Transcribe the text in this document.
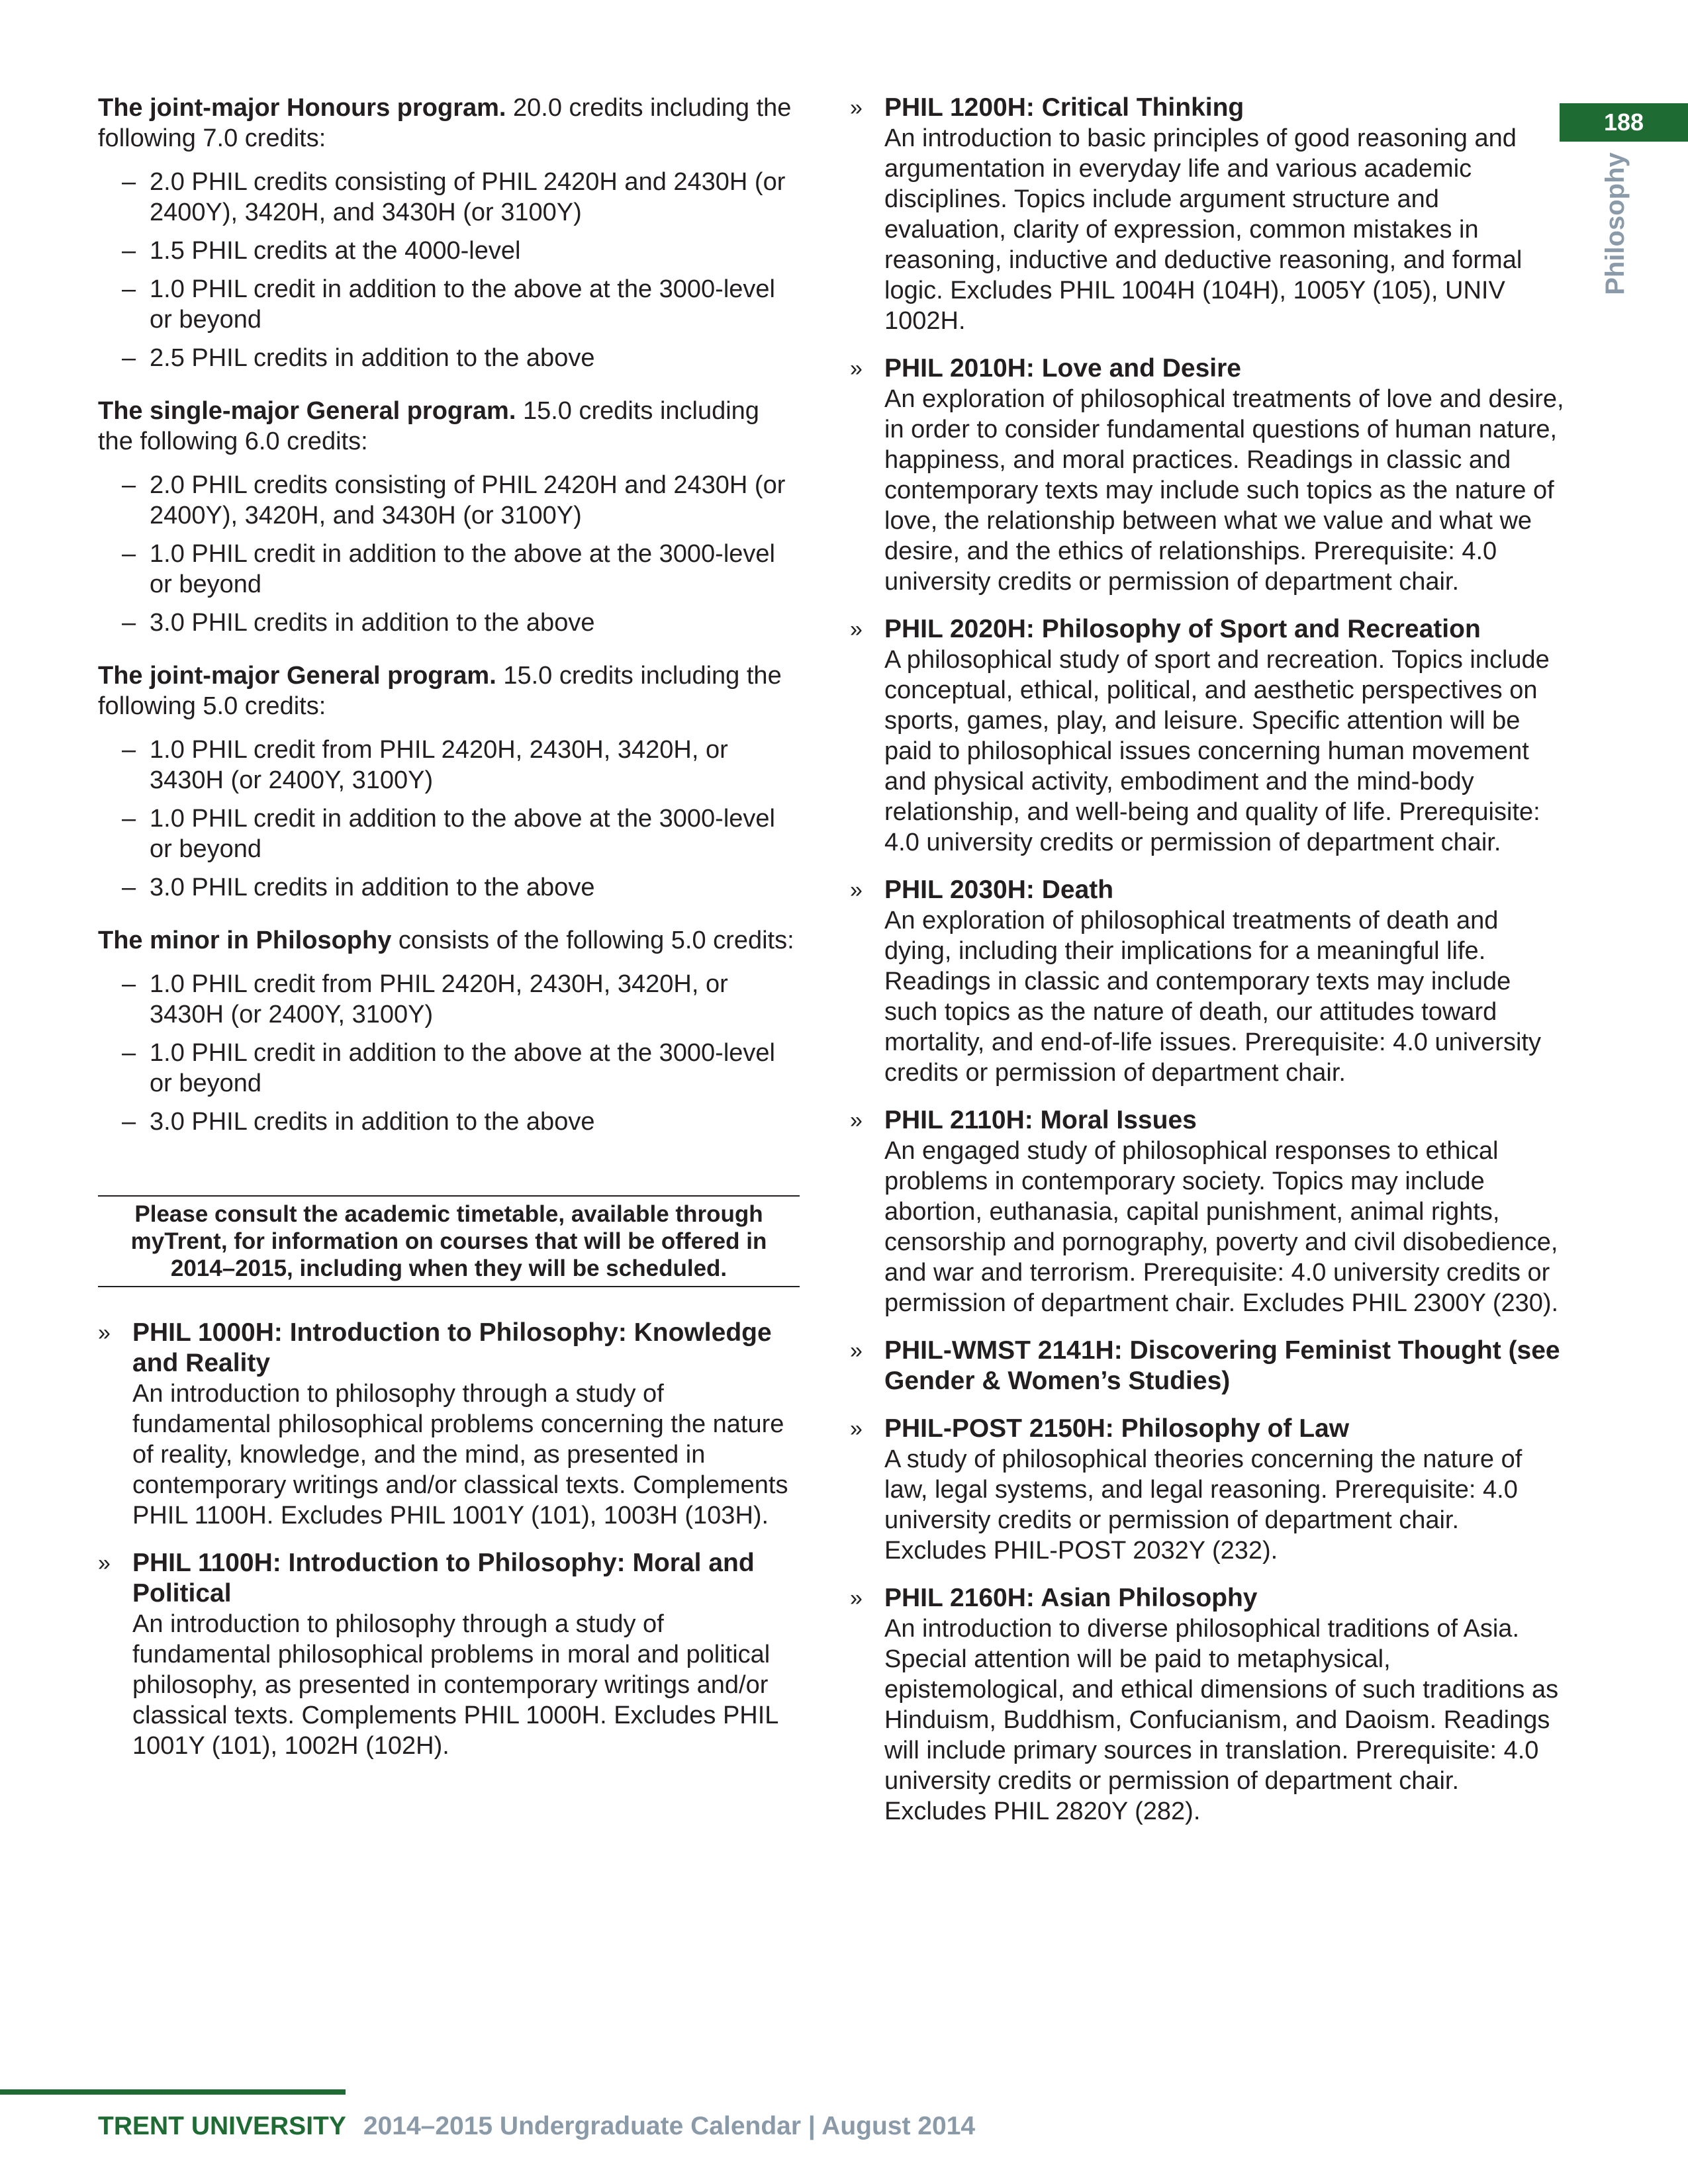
188
Philosophy

The joint-major Honours program. 20.0 credits including the following 7.0 credits:

– 2.0 PHIL credits consisting of PHIL 2420H and 2430H (or 2400Y), 3420H, and 3430H (or 3100Y)
– 1.5 PHIL credits at the 4000-level
– 1.0 PHIL credit in addition to the above at the 3000-level or beyond
– 2.5 PHIL credits in addition to the above

The single-major General program. 15.0 credits including the following 6.0 credits:

– 2.0 PHIL credits consisting of PHIL 2420H and 2430H (or 2400Y), 3420H, and 3430H (or 3100Y)
– 1.0 PHIL credit in addition to the above at the 3000-level or beyond
– 3.0 PHIL credits in addition to the above

The joint-major General program. 15.0 credits including the following 5.0 credits:

– 1.0 PHIL credit from PHIL 2420H, 2430H, 3420H, or 3430H (or 2400Y, 3100Y)
– 1.0 PHIL credit in addition to the above at the 3000-level or beyond
– 3.0 PHIL credits in addition to the above

The minor in Philosophy consists of the following 5.0 credits:

– 1.0 PHIL credit from PHIL 2420H, 2430H, 3420H, or 3430H (or 2400Y, 3100Y)
– 1.0 PHIL credit in addition to the above at the 3000-level or beyond
– 3.0 PHIL credits in addition to the above
Please consult the academic timetable, available through myTrent, for information on courses that will be offered in 2014–2015, including when they will be scheduled.
» PHIL 1000H: Introduction to Philosophy: Knowledge and Reality

An introduction to philosophy through a study of fundamental philosophical problems concerning the nature of reality, knowledge, and the mind, as presented in contemporary writings and/or classical texts. Complements PHIL 1100H. Excludes PHIL 1001Y (101), 1003H (103H).

» PHIL 1100H: Introduction to Philosophy: Moral and Political

An introduction to philosophy through a study of fundamental philosophical problems in moral and political philosophy, as presented in contemporary writings and/or classical texts. Complements PHIL 1000H. Excludes PHIL 1001Y (101), 1002H (102H).

» PHIL 1200H: Critical Thinking

An introduction to basic principles of good reasoning and argumentation in everyday life and various academic disciplines. Topics include argument structure and evaluation, clarity of expression, common mistakes in reasoning, inductive and deductive reasoning, and formal logic. Excludes PHIL 1004H (104H), 1005Y (105), UNIV 1002H.

» PHIL 2010H: Love and Desire

An exploration of philosophical treatments of love and desire, in order to consider fundamental questions of human nature, happiness, and moral practices. Readings in classic and contemporary texts may include such topics as the nature of love, the relationship between what we value and what we desire, and the ethics of relationships. Prerequisite: 4.0 university credits or permission of department chair.

» PHIL 2020H: Philosophy of Sport and Recreation

A philosophical study of sport and recreation. Topics include conceptual, ethical, political, and aesthetic perspectives on sports, games, play, and leisure. Specific attention will be paid to philosophical issues concerning human movement and physical activity, embodiment and the mind-body relationship, and well-being and quality of life. Prerequisite: 4.0 university credits or permission of department chair.

» PHIL 2030H: Death

An exploration of philosophical treatments of death and dying, including their implications for a meaningful life. Readings in classic and contemporary texts may include such topics as the nature of death, our attitudes toward mortality, and end-of-life issues. Prerequisite: 4.0 university credits or permission of department chair.

» PHIL 2110H: Moral Issues

An engaged study of philosophical responses to ethical problems in contemporary society. Topics may include abortion, euthanasia, capital punishment, animal rights, censorship and pornography, poverty and civil disobedience, and war and terrorism. Prerequisite: 4.0 university credits or permission of department chair. Excludes PHIL 2300Y (230).

» PHIL-WMST 2141H: Discovering Feminist Thought (see Gender & Women’s Studies)
» PHIL-POST 2150H: Philosophy of Law

A study of philosophical theories concerning the nature of law, legal systems, and legal reasoning. Prerequisite: 4.0 university credits or permission of department chair. Excludes PHIL-POST 2032Y (232).

» PHIL 2160H: Asian Philosophy

An introduction to diverse philosophical traditions of Asia. Special attention will be paid to metaphysical, epistemological, and ethical dimensions of such traditions as Hinduism, Buddhism, Confucianism, and Daoism. Readings will include primary sources in translation. Prerequisite: 4.0 university credits or permission of department chair. Excludes PHIL 2820Y (282).

TRENT UNIVERSITY 2014–2015 Undergraduate Calendar | August 2014
